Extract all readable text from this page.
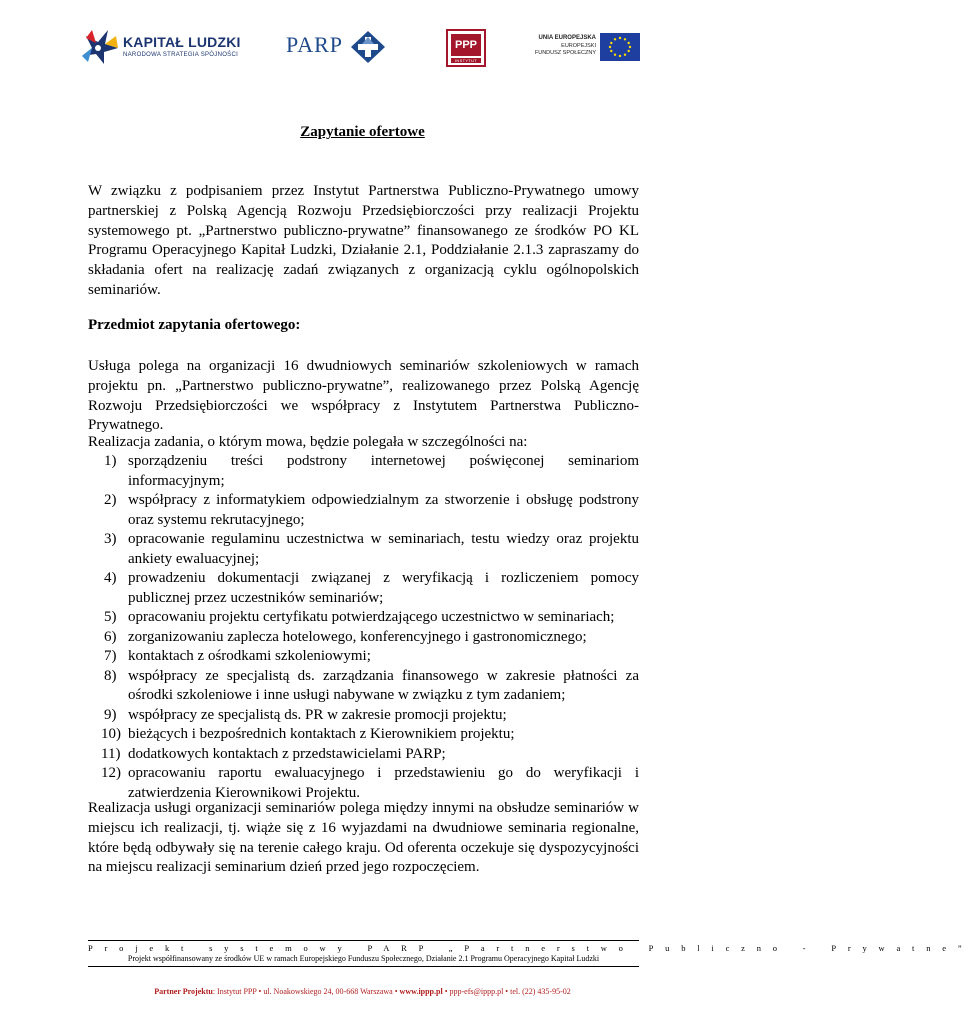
KAPITAŁ LUDZKI
NARODOWA STRATEGIA SPÓJNOŚCI PARP	PPP
INSTYTUT
UNIA EUROPEJSKA
EUROPEJSKI
FUNDUSZ SPOŁECZNY
Zapytanie ofertowe
W związku z podpisaniem przez Instytut Partnerstwa Publiczno-Prywatnego umowy partnerskiej z Polską Agencją Rozwoju Przedsiębiorczości przy realizacji Projektu systemowego pt. „Partnerstwo publiczno-prywatne” finansowanego ze środków PO KL Programu Operacyjnego Kapitał Ludzki, Działanie 2.1, Poddziałanie 2.1.3 zapraszamy do składania ofert na realizację zadań związanych z organizacją cyklu ogólnopolskich seminariów.
Przedmiot zapytania ofertowego:
Usługa polega na organizacji 16 dwudniowych seminariów szkoleniowych w ramach projektu pn. „Partnerstwo publiczno-prywatne”, realizowanego przez Polską Agencję Rozwoju Przedsiębiorczości we współpracy z Instytutem Partnerstwa Publiczno-Prywatnego.
Realizacja zadania, o którym mowa, będzie polegała w szczególności na:
1) sporządzeniu treści podstrony internetowej poświęconej seminariom informacyjnym;
2) współpracy z informatykiem odpowiedzialnym za stworzenie i obsługę podstrony oraz systemu rekrutacyjnego;
3) opracowanie regulaminu uczestnictwa w seminariach, testu wiedzy oraz projektu ankiety ewaluacyjnej;
4) prowadzeniu dokumentacji związanej z weryfikacją i rozliczeniem pomocy publicznej przez uczestników seminariów;
5) opracowaniu projektu certyfikatu potwierdzającego uczestnictwo w seminariach;
6) zorganizowaniu zaplecza hotelowego, konferencyjnego i gastronomicznego;
7) kontaktach z ośrodkami szkoleniowymi;
8) współpracy ze specjalistą ds. zarządzania finansowego w zakresie płatności za ośrodki szkoleniowe i inne usługi nabywane w związku z tym zadaniem;
9) współpracy ze specjalistą ds. PR w zakresie promocji projektu;
10) bieżących i bezpośrednich kontaktach z Kierownikiem projektu;
11) dodatkowych kontaktach z przedstawicielami PARP;
12) opracowaniu raportu ewaluacyjnego i przedstawieniu go do weryfikacji i zatwierdzenia Kierownikowi Projektu.
Realizacja usługi organizacji seminariów polega między innymi na obsłudze seminariów w miejscu ich realizacji, tj. wiąże się z 16 wyjazdami na dwudniowe seminaria regionalne, które będą odbywały się na terenie całego kraju. Od oferenta oczekuje się dyspozycyjności na miejscu realizacji seminarium dzień przed jego rozpoczęciem.
Projekt systemowy PARP „Partnerstwo Publiczno - Prywatne”
Projekt współfinansowany ze środków UE w ramach Europejskiego Funduszu Społecznego, Działanie 2.1 Programu Operacyjnego Kapitał Ludzki
Partner Projektu: Instytut PPP • ul. Noakowskiego 24, 00-668 Warszawa • www.ippp.pl • ppp-efs@ippp.pl • tel. (22) 435-95-02
